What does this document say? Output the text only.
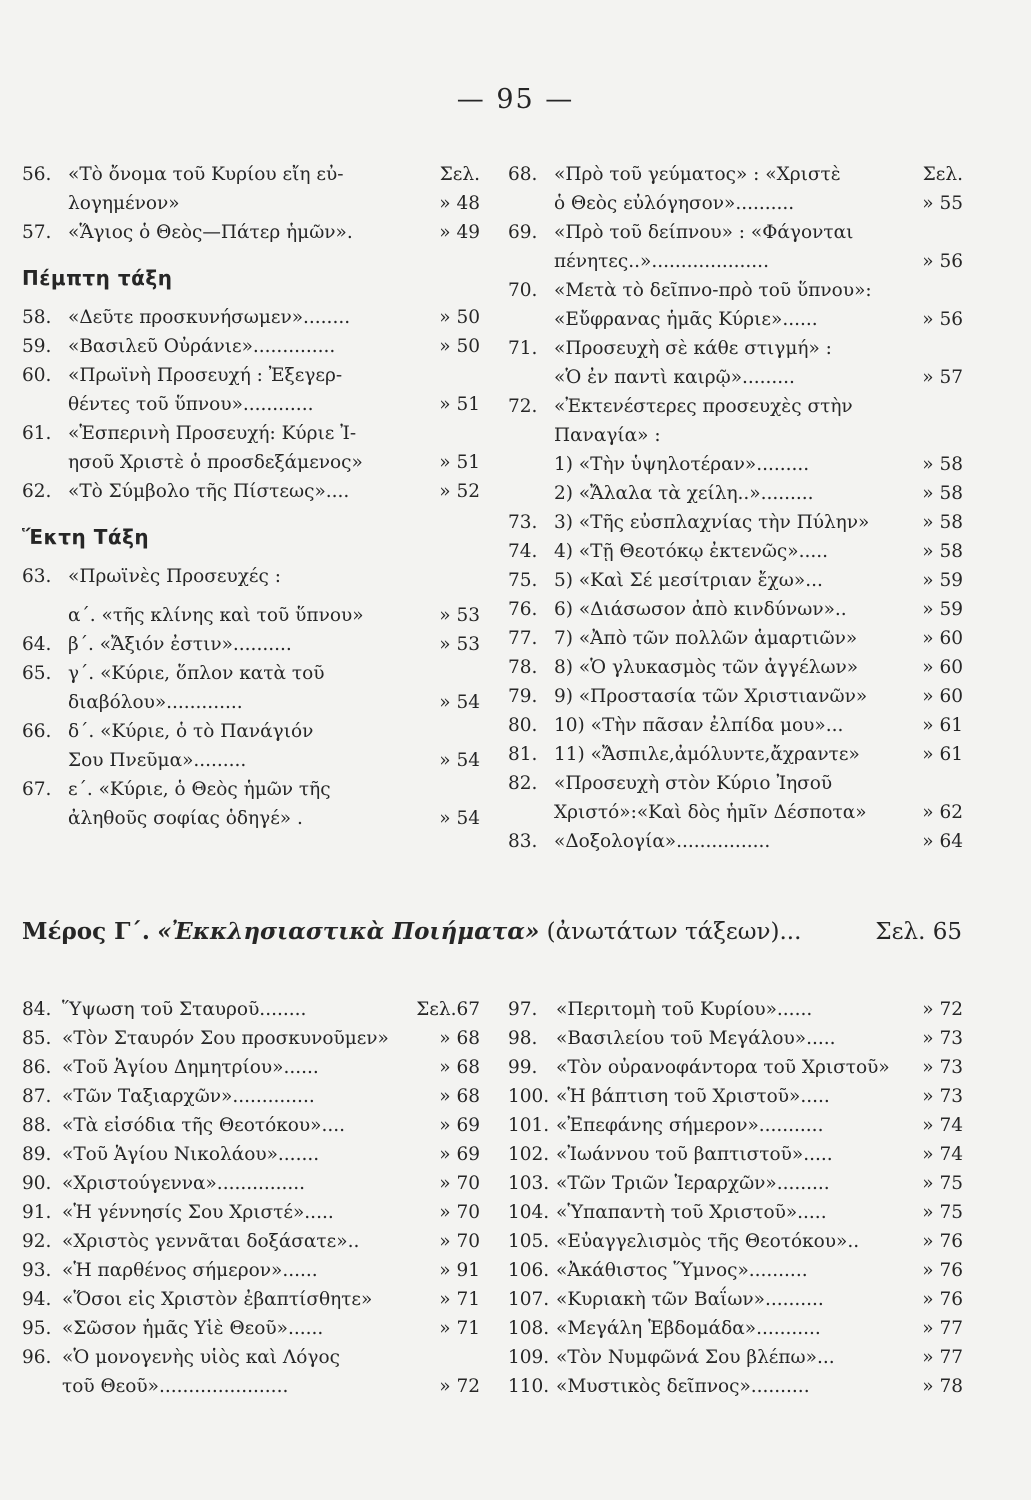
— 95 —
56. «Τὸ ὄνομα τοῦ Κυρίου εἴη εὐ-	Σελ.
λογημένον»	» 48
57. «Ἅγιος ὁ Θεὸς—Πάτερ ἡμῶν».	» 49
Πέμπτη τάξη
58. «Δεῦτε προσκυνήσωμεν»........	» 50
59. «Βασιλεῦ Οὐράνιε»..............	» 50
60. «Πρωϊνὴ Προσευχή : Ἐξεγερ-
θέντες τοῦ ὕπνου»............	» 51
61. «Ἑσπερινὴ Προσευχή: Κύριε Ἰ-
ησοῦ Χριστὲ ὁ προσδεξάμενος»	» 51
62. «Τὸ Σύμβολο τῆς Πίστεως»....	» 52
Ἕκτη Τάξη
63. «Πρωϊνὲς Προσευχές :
α΄. «τῆς κλίνης καὶ τοῦ ὕπνου»	» 53
64. β΄. «Ἄξιόν ἐστιν»..........	» 53
65. γ΄. «Κύριε, ὅπλον κατὰ τοῦ
διαβόλου».............	» 54
66. δ΄. «Κύριε, ὁ τὸ Πανάγιόν
Σου Πνεῦμα».........	» 54
67. ε΄. «Κύριε, ὁ Θεὸς ἡμῶν τῆς
ἀληθοῦς σοφίας ὁδηγέ» .	» 54
68. «Πρὸ τοῦ γεύματος» : «Χριστὲ	Σελ.
ὁ Θεὸς εὐλόγησον»..........	» 55
69. «Πρὸ τοῦ δείπνου» : «Φάγονται
πένητες..»....................	» 56
70. «Μετὰ τὸ δεῖπνο-πρὸ τοῦ ὕπνου»:
«Εὔφρανας ἡμᾶς Κύριε»......	» 56
71. «Προσευχὴ σὲ κάθε στιγμή» :
«Ὁ ἐν παντὶ καιρῷ».........	» 57
72. «Ἐκτενέστερες προσευχὲς στὴν
Παναγία» :
1) «Τὴν ὑψηλοτέραν».........	» 58
2) «Ἄλαλα τὰ χείλη..».........	» 58
73. 3) «Τῆς εὐσπλαχνίας τὴν Πύλην»	» 58
74. 4) «Τῇ Θεοτόκῳ ἐκτενῶς».....	» 58
75. 5) «Καὶ Σέ μεσίτριαν ἔχω»...	» 59
76. 6) «Διάσωσον ἀπὸ κινδύνων»..	» 59
77. 7) «Ἀπὸ τῶν πολλῶν ἁμαρτιῶν»	» 60
78. 8) «Ὁ γλυκασμὸς τῶν ἀγγέλων»	» 60
79. 9) «Προστασία τῶν Χριστιανῶν»	» 60
80. 10) «Τὴν πᾶσαν ἐλπίδα μου»...	» 61
81. 11) «Ἄσπιλε,ἀμόλυντε,ἄχραντε»	» 61
82. «Προσευχὴ στὸν Κύριο Ἰησοῦ
Χριστό»:«Καὶ δὸς ἡμῖν Δέσποτα»	» 62
83. «Δοξολογία»................	» 64
Μέρος Γ΄. «Ἐκκλησιαστικὰ Ποιήματα» (ἀνωτάτων τάξεων)...	Σελ. 65
84. Ὕψωση τοῦ Σταυροῦ........	Σελ.67
85. «Τὸν Σταυρόν Σου προσκυνοῦμεν»	» 68
86. «Τοῦ Ἁγίου Δημητρίου»......	» 68
87. «Τῶν Ταξιαρχῶν»..............	» 68
88. «Τὰ εἰσόδια τῆς Θεοτόκου»....	» 69
89. «Τοῦ Ἁγίου Νικολάου».......	» 69
90. «Χριστούγεννα»...............	» 70
91. «Ἡ γέννησίς Σου Χριστέ».....	» 70
92. «Χριστὸς γεννᾶται δοξάσατε»..	» 70
93. «Ἡ παρθένος σήμερον»......	» 91
94. «Ὅσοι εἰς Χριστὸν ἐβαπτίσθητε»	» 71
95. «Σῶσον ἡμᾶς Υἱὲ Θεοῦ»......	» 71
96. «Ὁ μονογενὴς υἱὸς καὶ Λόγος
τοῦ Θεοῦ»......................	» 72
97. «Περιτομὴ τοῦ Κυρίου»......	» 72
98. «Βασιλείου τοῦ Μεγάλου».....	» 73
99. «Τὸν οὐρανοφάντορα τοῦ Χριστοῦ»	» 73
100. «Ἡ βάπτιση τοῦ Χριστοῦ».....	» 73
101. «Ἐπεφάνης σήμερον»...........	» 74
102. «Ἰωάννου τοῦ βαπτιστοῦ».....	» 74
103. «Τῶν Τριῶν Ἱεραρχῶν».........	» 75
104. «Ὑπαπαντὴ τοῦ Χριστοῦ».....	» 75
105. «Εὐαγγελισμὸς τῆς Θεοτόκου»..	» 76
106. «Ἀκάθιστος Ὕμνος»..........	» 76
107. «Κυριακὴ τῶν Βαΐων»..........	» 76
108. «Μεγάλη Ἑβδομάδα»...........	» 77
109. «Τὸν Νυμφῶνά Σου βλέπω»...	» 77
110. «Μυστικὸς δεῖπνος»..........	» 78
